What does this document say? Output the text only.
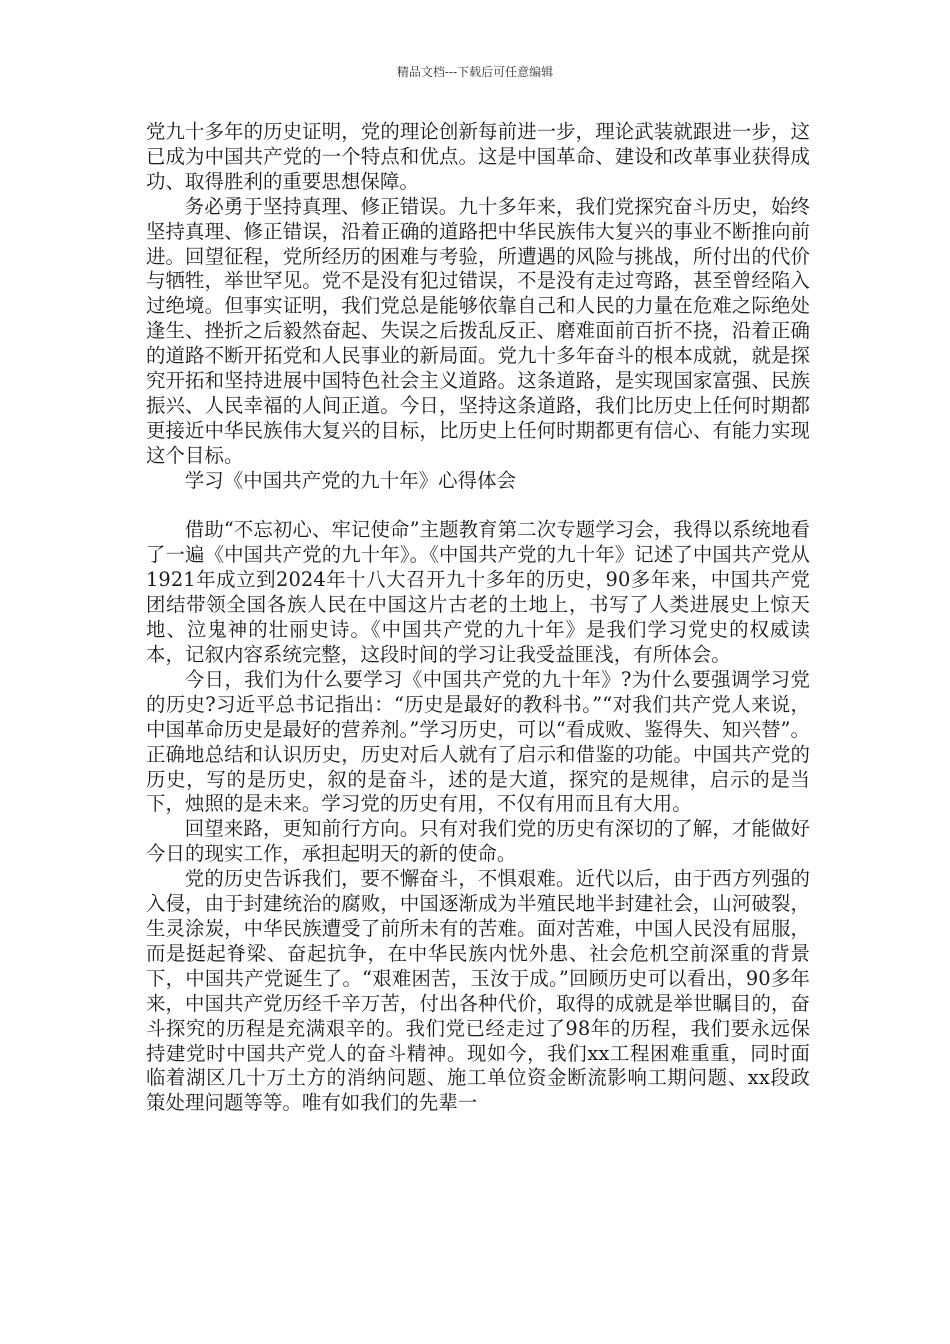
精品文档---下载后可任意编辑

党九十多年的历史证明，党的理论创新每前进一步，理论武装就跟进一步，这已成为中国共产党的一个特点和优点。这是中国革命、建设和改革事业获得成功、取得胜利的重要思想保障。

务必勇于坚持真理、修正错误。九十多年来，我们党探究奋斗历史，始终坚持真理、修正错误，沿着正确的道路把中华民族伟大复兴的事业不断推向前进。回望征程，党所经历的困难与考验，所遭遇的风险与挑战，所付出的代价与牺牲，举世罕见。党不是没有犯过错误，不是没有走过弯路，甚至曾经陷入过绝境。但事实证明，我们党总是能够依靠自己和人民的力量在危难之际绝处逢生、挫折之后毅然奋起、失误之后拨乱反正、磨难面前百折不挠，沿着正确的道路不断开拓党和人民事业的新局面。党九十多年奋斗的根本成就，就是探究开拓和坚持进展中国特色社会主义道路。这条道路，是实现国家富强、民族振兴、人民幸福的人间正道。今日，坚持这条道路，我们比历史上任何时期都更接近中华民族伟大复兴的目标，比历史上任何时期都更有信心、有能力实现这个目标。

学习《中国共产党的九十年》心得体会

借助“不忘初心、牢记使命”主题教育第二次专题学习会，我得以系统地看了一遍《中国共产党的九十年》。《中国共产党的九十年》记述了中国共产党从1921年成立到2024年十八大召开九十多年的历史，90多年来，中国共产党团结带领全国各族人民在中国这片古老的土地上，书写了人类进展史上惊天地、泣鬼神的壮丽史诗。《中国共产党的九十年》是我们学习党史的权威读本，记叙内容系统完整，这段时间的学习让我受益匪浅，有所体会。

今日，我们为什么要学习《中国共产党的九十年》?为什么要强调学习党的历史?习近平总书记指出：“历史是最好的教科书。”“对我们共产党人来说，中国革命历史是最好的营养剂。”学习历史，可以“看成败、鉴得失、知兴替”。正确地总结和认识历史，历史对后人就有了启示和借鉴的功能。中国共产党的历史，写的是历史，叙的是奋斗，述的是大道，探究的是规律，启示的是当下，烛照的是未来。学习党的历史有用，不仅有用而且有大用。

回望来路，更知前行方向。只有对我们党的历史有深切的了解，才能做好今日的现实工作，承担起明天的新的使命。

党的历史告诉我们，要不懈奋斗，不惧艰难。近代以后，由于西方列强的入侵，由于封建统治的腐败，中国逐渐成为半殖民地半封建社会，山河破裂，生灵涂炭，中华民族遭受了前所未有的苦难。面对苦难，中国人民没有屈服，而是挺起脊梁、奋起抗争，在中华民族内忧外患、社会危机空前深重的背景下，中国共产党诞生了。“艰难困苦，玉汝于成。”回顾历史可以看出，90多年来，中国共产党历经千辛万苦，付出各种代价，取得的成就是举世瞩目的，奋斗探究的历程是充满艰辛的。我们党已经走过了98年的历程，我们要永远保持建党时中国共产党人的奋斗精神。现如今，我们xx工程困难重重，同时面临着湖区几十万土方的消纳问题、施工单位资金断流影响工期问题、xx段政策处理问题等等。唯有如我们的先辈一
